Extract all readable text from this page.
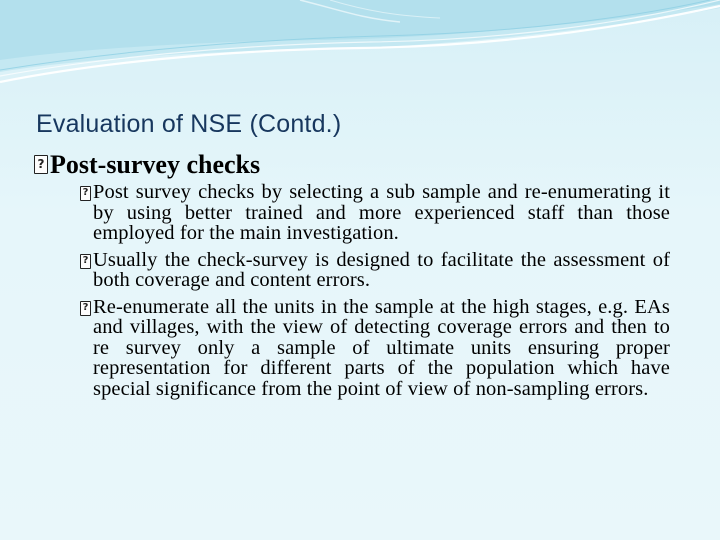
Evaluation of NSE (Contd.)
?
Post-survey checks
?
Post survey checks by selecting a sub sample and re-enumerating it by using better trained and more experienced staff than those employed for the main investigation.
?
Usually the check-survey is designed to facilitate the assessment of both coverage and content errors.
?
Re-enumerate all the units in the sample at the high stages, e.g. EAs and villages, with the view of detecting coverage errors and then to re survey only a sample of ultimate units ensuring proper representation for different parts of the population which have special significance from the point of view of non-sampling errors.
